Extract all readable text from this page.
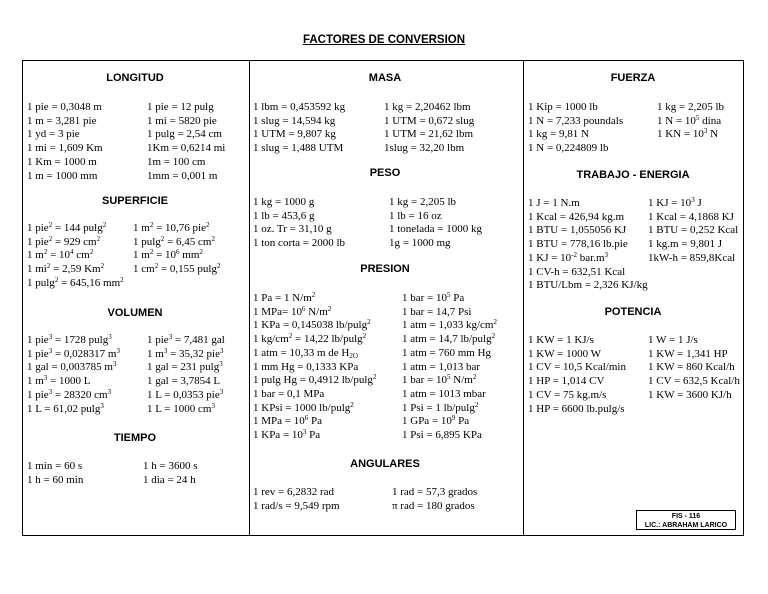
FACTORES DE CONVERSION
LONGITUD
1 pie = 0,3048 m
1 m = 3,281 pie
1 yd = 3 pie
1 mi = 1,609 Km
1 Km = 1000 m
1 m = 1000 mm
1 pie = 12 pulg
1 mi = 5820 pie
1 pulg = 2,54 cm
1Km = 0,6214 mi
1m = 100 cm
1mm = 0,001 m
SUPERFICIE
1 pie$^2$ = 144 pulg$^2$
1 pie$^2$ = 929 $cm^2$
1 $m^2 = 10^4$ $cm^2$
1 $mi^2 = 2,59$ Km$^2$
1 pulg$^2$ = 645,16 $mm^2$
1 $m^2 = 10,76$ pie$^2$
1 pulg$^2$ = 6,45 $cm^2$
1 $m^2 = 10^6$ $mm^2$
1 $cm^2 = 0,155$ pulg$^2$
VOLUMEN
1 pie$^3$ = 1728 pulg$^3$
1 pie$^3$ = 0,028317 $m^3$
1 gal = 0,003785 $m^3$
1 $m^3 = 1000$ L
1 pie$^3$ = 28320 $cm^3$
1 L = 61,02 pulg$^3$
1 pie$^3$ = 7,481 gal
1 $m^3 = 35,32$ pie$^3$
1 gal = 231 pulg$^3$
1 gal = 3,7854 L
1 L = 0,0353 pie$^3$
1 L = 1000 $cm^3$
TIEMPO
1 min = 60 s
1 h = 60 min
1 h = 3600 s
1 dia = 24 h
MASA
1 lbm = 0,453592 kg
1 slug = 14,594 kg
1 UTM = 9,807 kg
1 slug = 1,488 UTM
1 kg = 2,20462 lbm
1 UTM = 0,672 slug
1 UTM = 21,62 lbm
1slug = 32,20 lbm
PESO
1 kg = 1000 g
1 lb = 453,6 g
1 oz. Tr = 31,10 g
1 ton corta = 2000 lb
1 kg = 2,205 lb
1 lb = 16 oz
1 tonelada = 1000 kg
1g = 1000 mg
PRESION
1 Pa = 1 $N/m^2$
1 $MPa= 10^6$ $N/m^2$
1 KPa = 0,145038 lb/pulg$^2$
1 $kg/cm^2 = 14,22$ lb/pulg$^2$
1 atm = 10,33 m de $H_{2O}$
1 mm Hg = 0,1333 KPa
1 pulg Hg = 0,4912 lb/pulg$^2$
1 bar = 0,1 MPa
1 KPsi = 1000 lb/pulg$^2$
1 MPa = $10^6$ Pa
1 KPa = $10^3$ Pa
1 bar = $10^5$ Pa
1 bar = 14,7 Psi
1 atm = 1,033 $kg/cm^2$
1 atm = 14,7 lb/pulg$^2$
1 atm = 760 mm Hg
1 atm = 1,013 bar
1 bar = $10^5$ $N/m^2$
1 atm = 1013 mbar
1 Psi = 1 lb/pulg$^2$
1 GPa = $10^9$ Pa
1 Psi = 6,895 KPa
ANGULARES
1 rev = 6,2832 rad
1 rad/s = 9,549 rpm
1 rad = 57,3 grados
π rad = 180 grados
FUERZA
1 Kip = 1000 lb
1 N = 7,233 poundals
1 kg = 9,81 N
1 N = 0,224809 lb
1 kg = 2,205 lb
1 $N = 10^5$ dina
1 KN = $10^3$ N
TRABAJO - ENERGIA
1 J = 1 N.m
1 Kcal = 426,94 kg.m
1 BTU = 1,055056 KJ
1 BTU = 778,16 lb.pie
1 KJ = $10^{-2}$ $bar.m^3$
1 CV-h = 632,51 Kcal
1 BTU/Lbm = 2,326 KJ/kg
1 KJ = $10^3$ J
1 Kcal = 4,1868 KJ
1 BTU = 0,252 Kcal
1 kg.m = 9,801 J
1kW-h = 859,8Kcal
POTENCIA
1 KW = 1 KJ/s
1 KW = 1000 W
1 CV = 10,5 Kcal/min
1 HP = 1,014 CV
1 CV = 75 kg.m/s
1 HP = 6600 lb.pulg/s
1 W = 1 J/s
1 KW = 1,341 HP
1 KW = 860 Kcal/h
1 CV = 632,5 Kcal/h
1 KW = 3600 KJ/h
FIS - 116
LIC.: ABRAHAM LARICO
